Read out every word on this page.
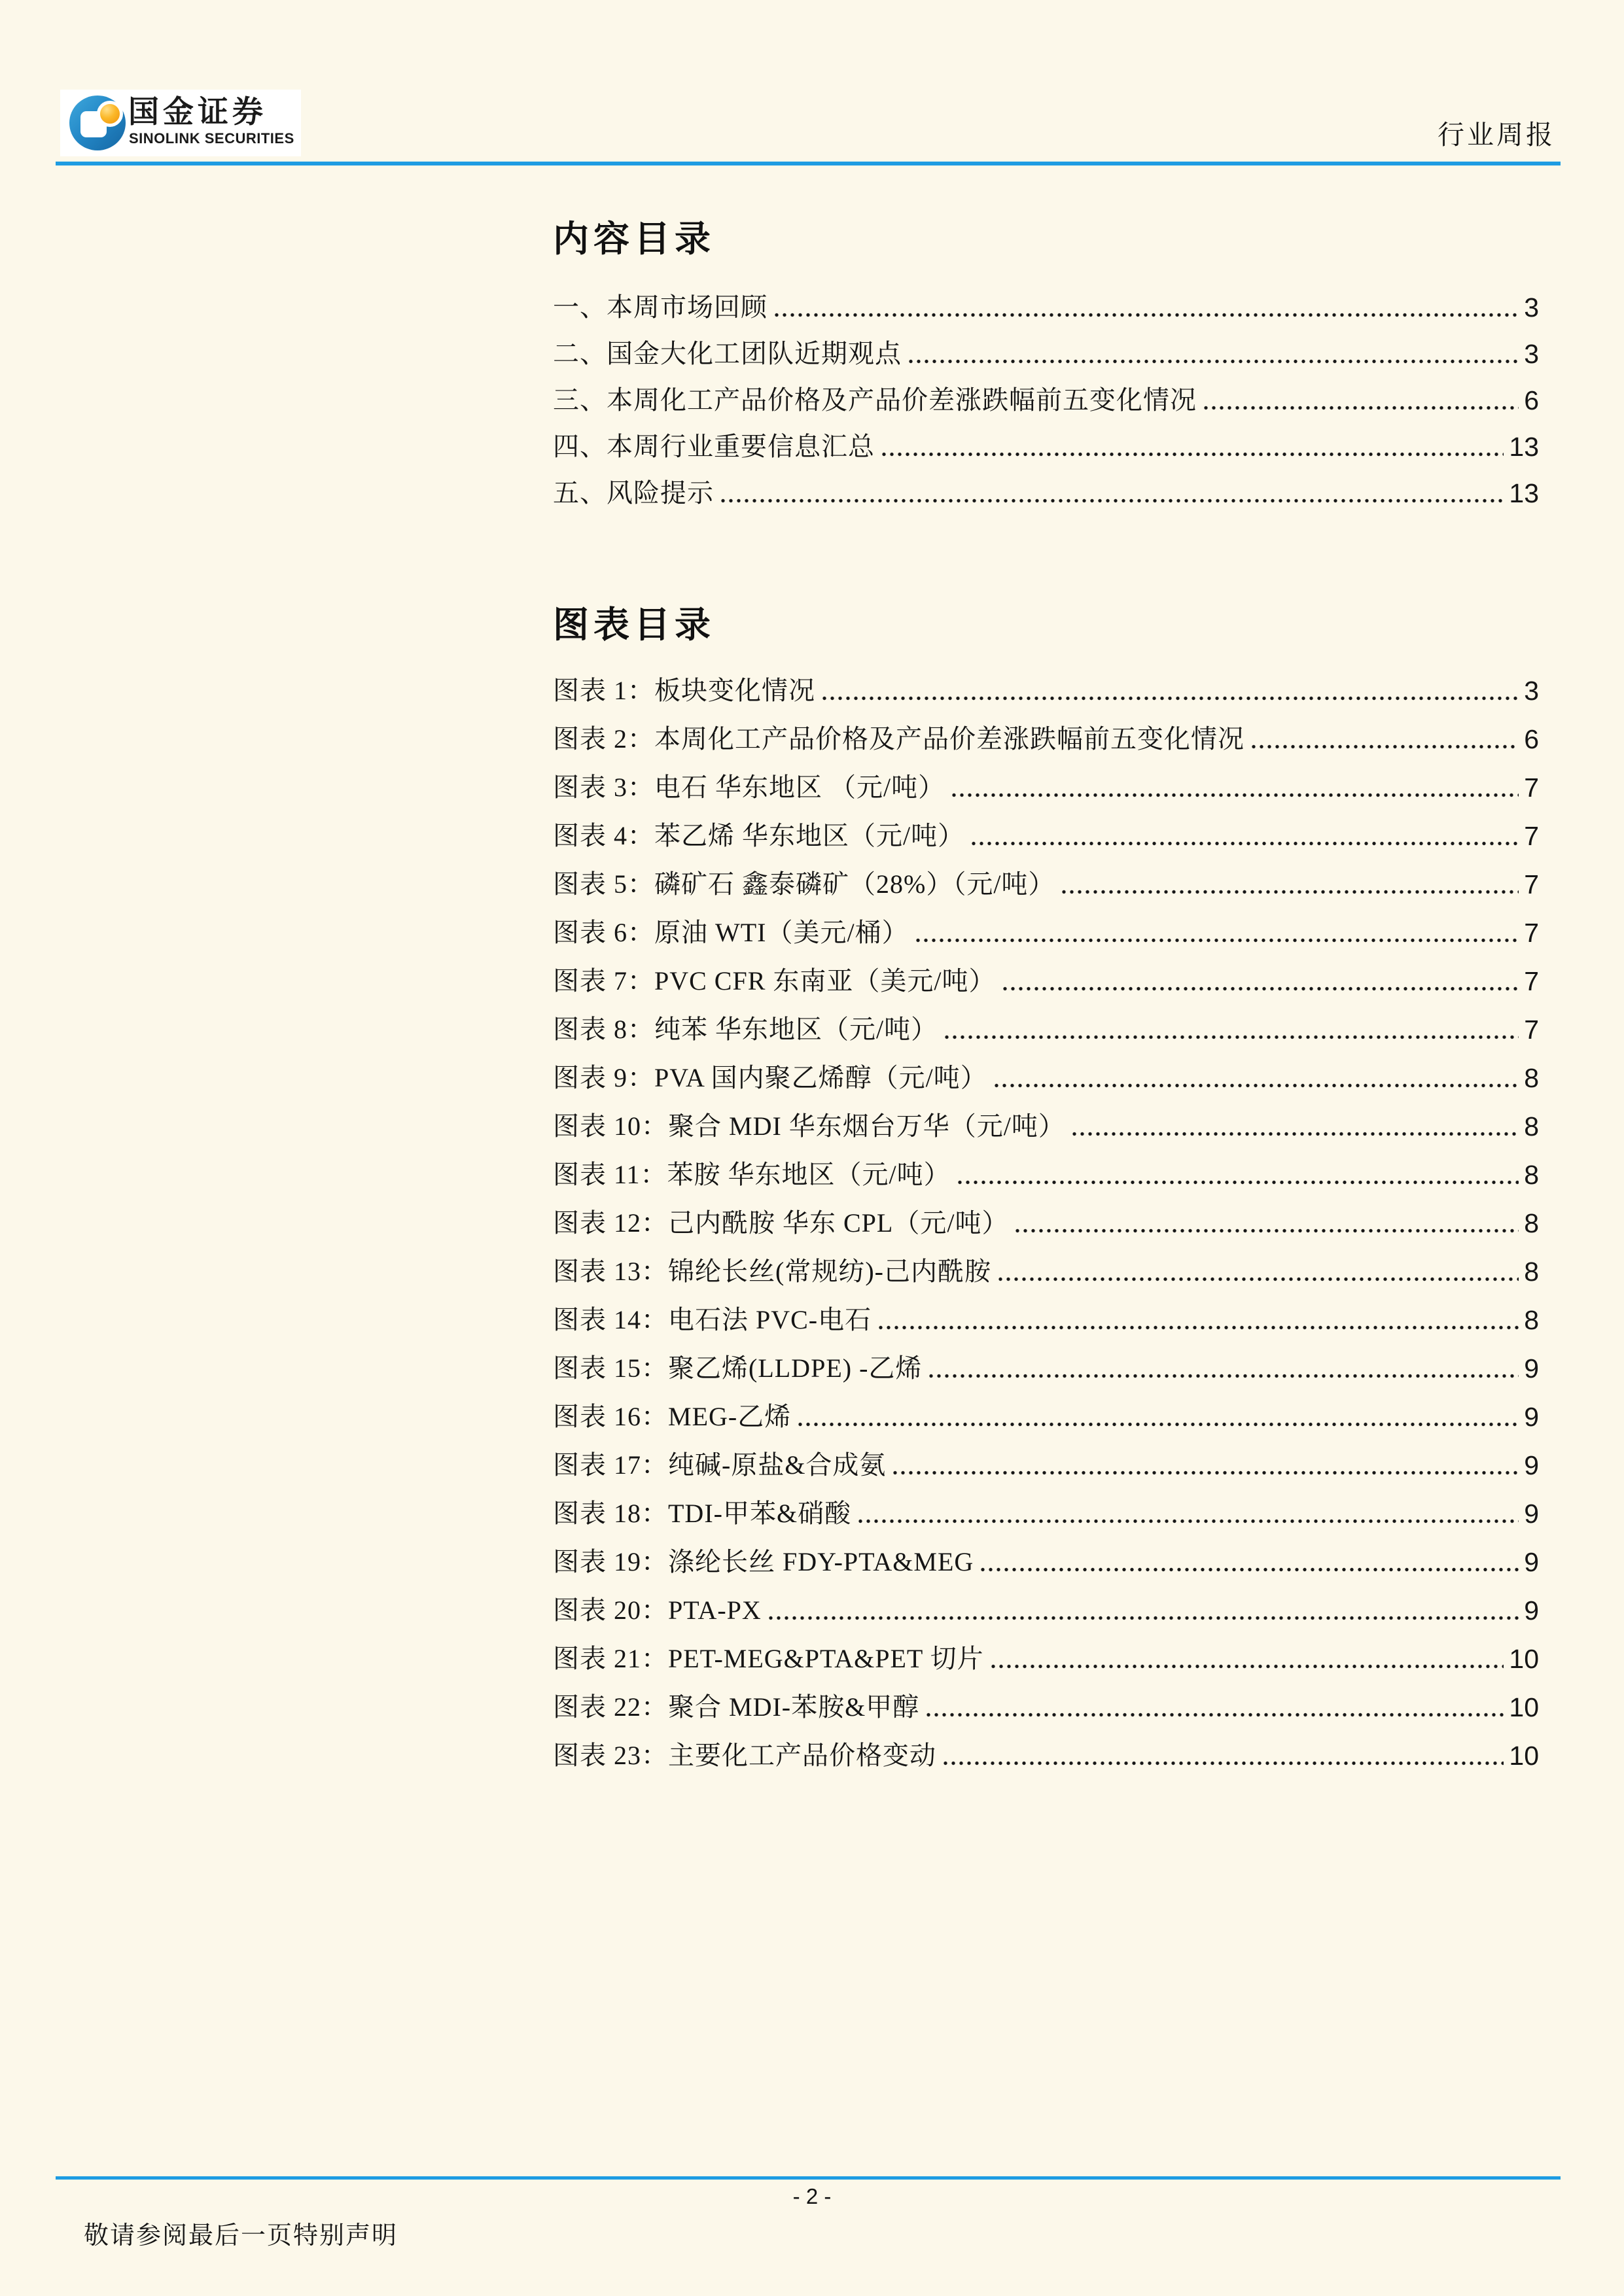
国金证券
SINOLINK SECURITIES	行业周报
内容目录
一、本周市场回顾	3
二、国金大化工团队近期观点	3
三、本周化工产品价格及产品价差涨跌幅前五变化情况	6
四、本周行业重要信息汇总	13
五、风险提示	13
图表目录
图表 1：板块变化情况	3
图表 2：本周化工产品价格及产品价差涨跌幅前五变化情况	6
图表 3：电石 华东地区 （元/吨）	7
图表 4：苯乙烯 华东地区（元/吨）	7
图表 5：磷矿石 鑫泰磷矿（28%）（元/吨）	7
图表 6：原油 WTI（美元/桶）	7
图表 7：PVC CFR 东南亚（美元/吨）	7
图表 8：纯苯 华东地区（元/吨）	7
图表 9：PVA 国内聚乙烯醇（元/吨）	8
图表 10：聚合 MDI 华东烟台万华（元/吨）	8
图表 11：苯胺 华东地区（元/吨）	8
图表 12：己内酰胺 华东 CPL（元/吨）	8
图表 13：锦纶长丝(常规纺)-己内酰胺	8
图表 14：电石法 PVC-电石	8
图表 15：聚乙烯(LLDPE) -乙烯	9
图表 16：MEG-乙烯	9
图表 17：纯碱-原盐&合成氨	9
图表 18：TDI-甲苯&硝酸	9
图表 19：涤纶长丝 FDY-PTA&MEG	9
图表 20：PTA-PX	9
图表 21：PET-MEG&PTA&PET 切片	10
图表 22：聚合 MDI-苯胺&甲醇	10
图表 23：主要化工产品价格变动	10
- 2 -
敬请参阅最后一页特别声明
